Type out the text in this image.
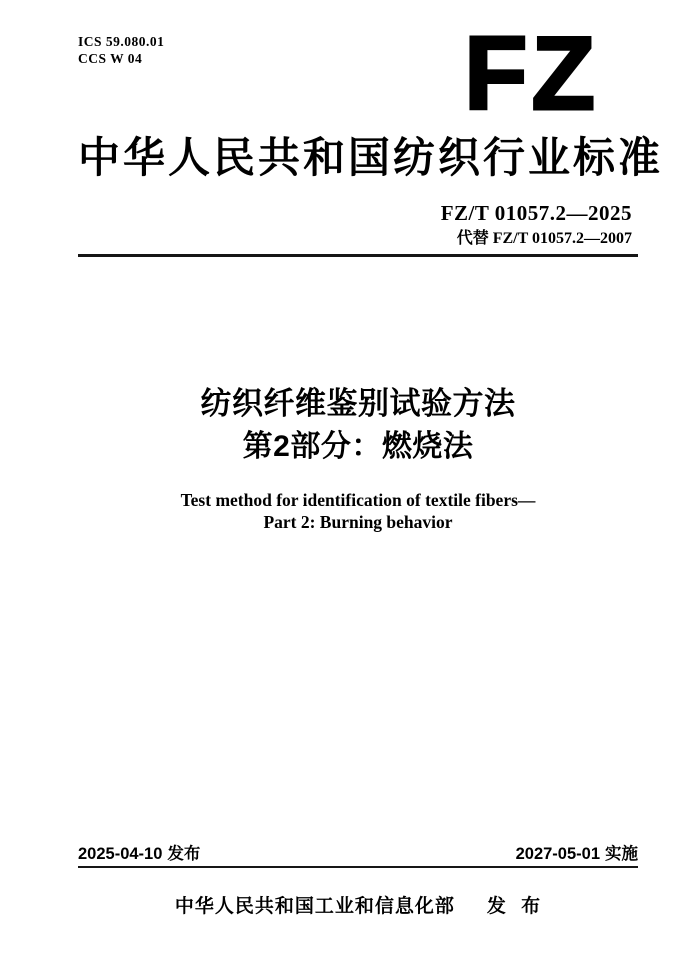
ICS 59.080.01
CCS W 04	FZ
中华人民共和国纺织行业标准
FZ/T 01057.2—2025
代替 FZ/T 01057.2—2007
纺织纤维鉴别试验方法
第2部分：燃烧法
Test method for identification of textile fibers—
Part 2: Burning behavior
2025-04-10 发布	2027-05-01 实施
中华人民共和国工业和信息化部 发 布
